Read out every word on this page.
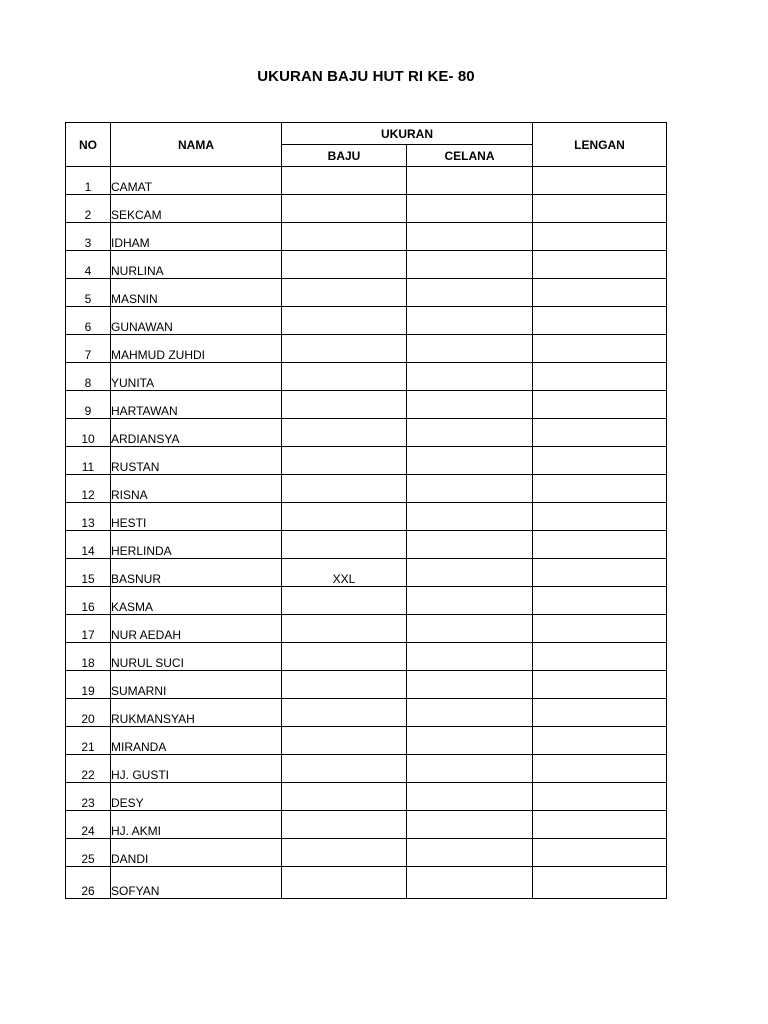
UKURAN BAJU HUT RI KE- 80
NO	NAMA	UKURAN		LENGAN
		BAJU	CELANA	
1	CAMAT			
2	SEKCAM			
3	IDHAM			
4	NURLINA			
5	MASNIN			
6	GUNAWAN			
7	MAHMUD ZUHDI			
8	YUNITA			
9	HARTAWAN			
10	ARDIANSYA			
11	RUSTAN			
12	RISNA			
13	HESTI			
14	HERLINDA			
15	BASNUR	XXL		
16	KASMA			
17	NUR AEDAH			
18	NURUL SUCI			
19	SUMARNI			
20	RUKMANSYAH			
21	MIRANDA			
22	HJ. GUSTI			
23	DESY			
24	HJ. AKMI			
25	DANDI			
26	SOFYAN			
